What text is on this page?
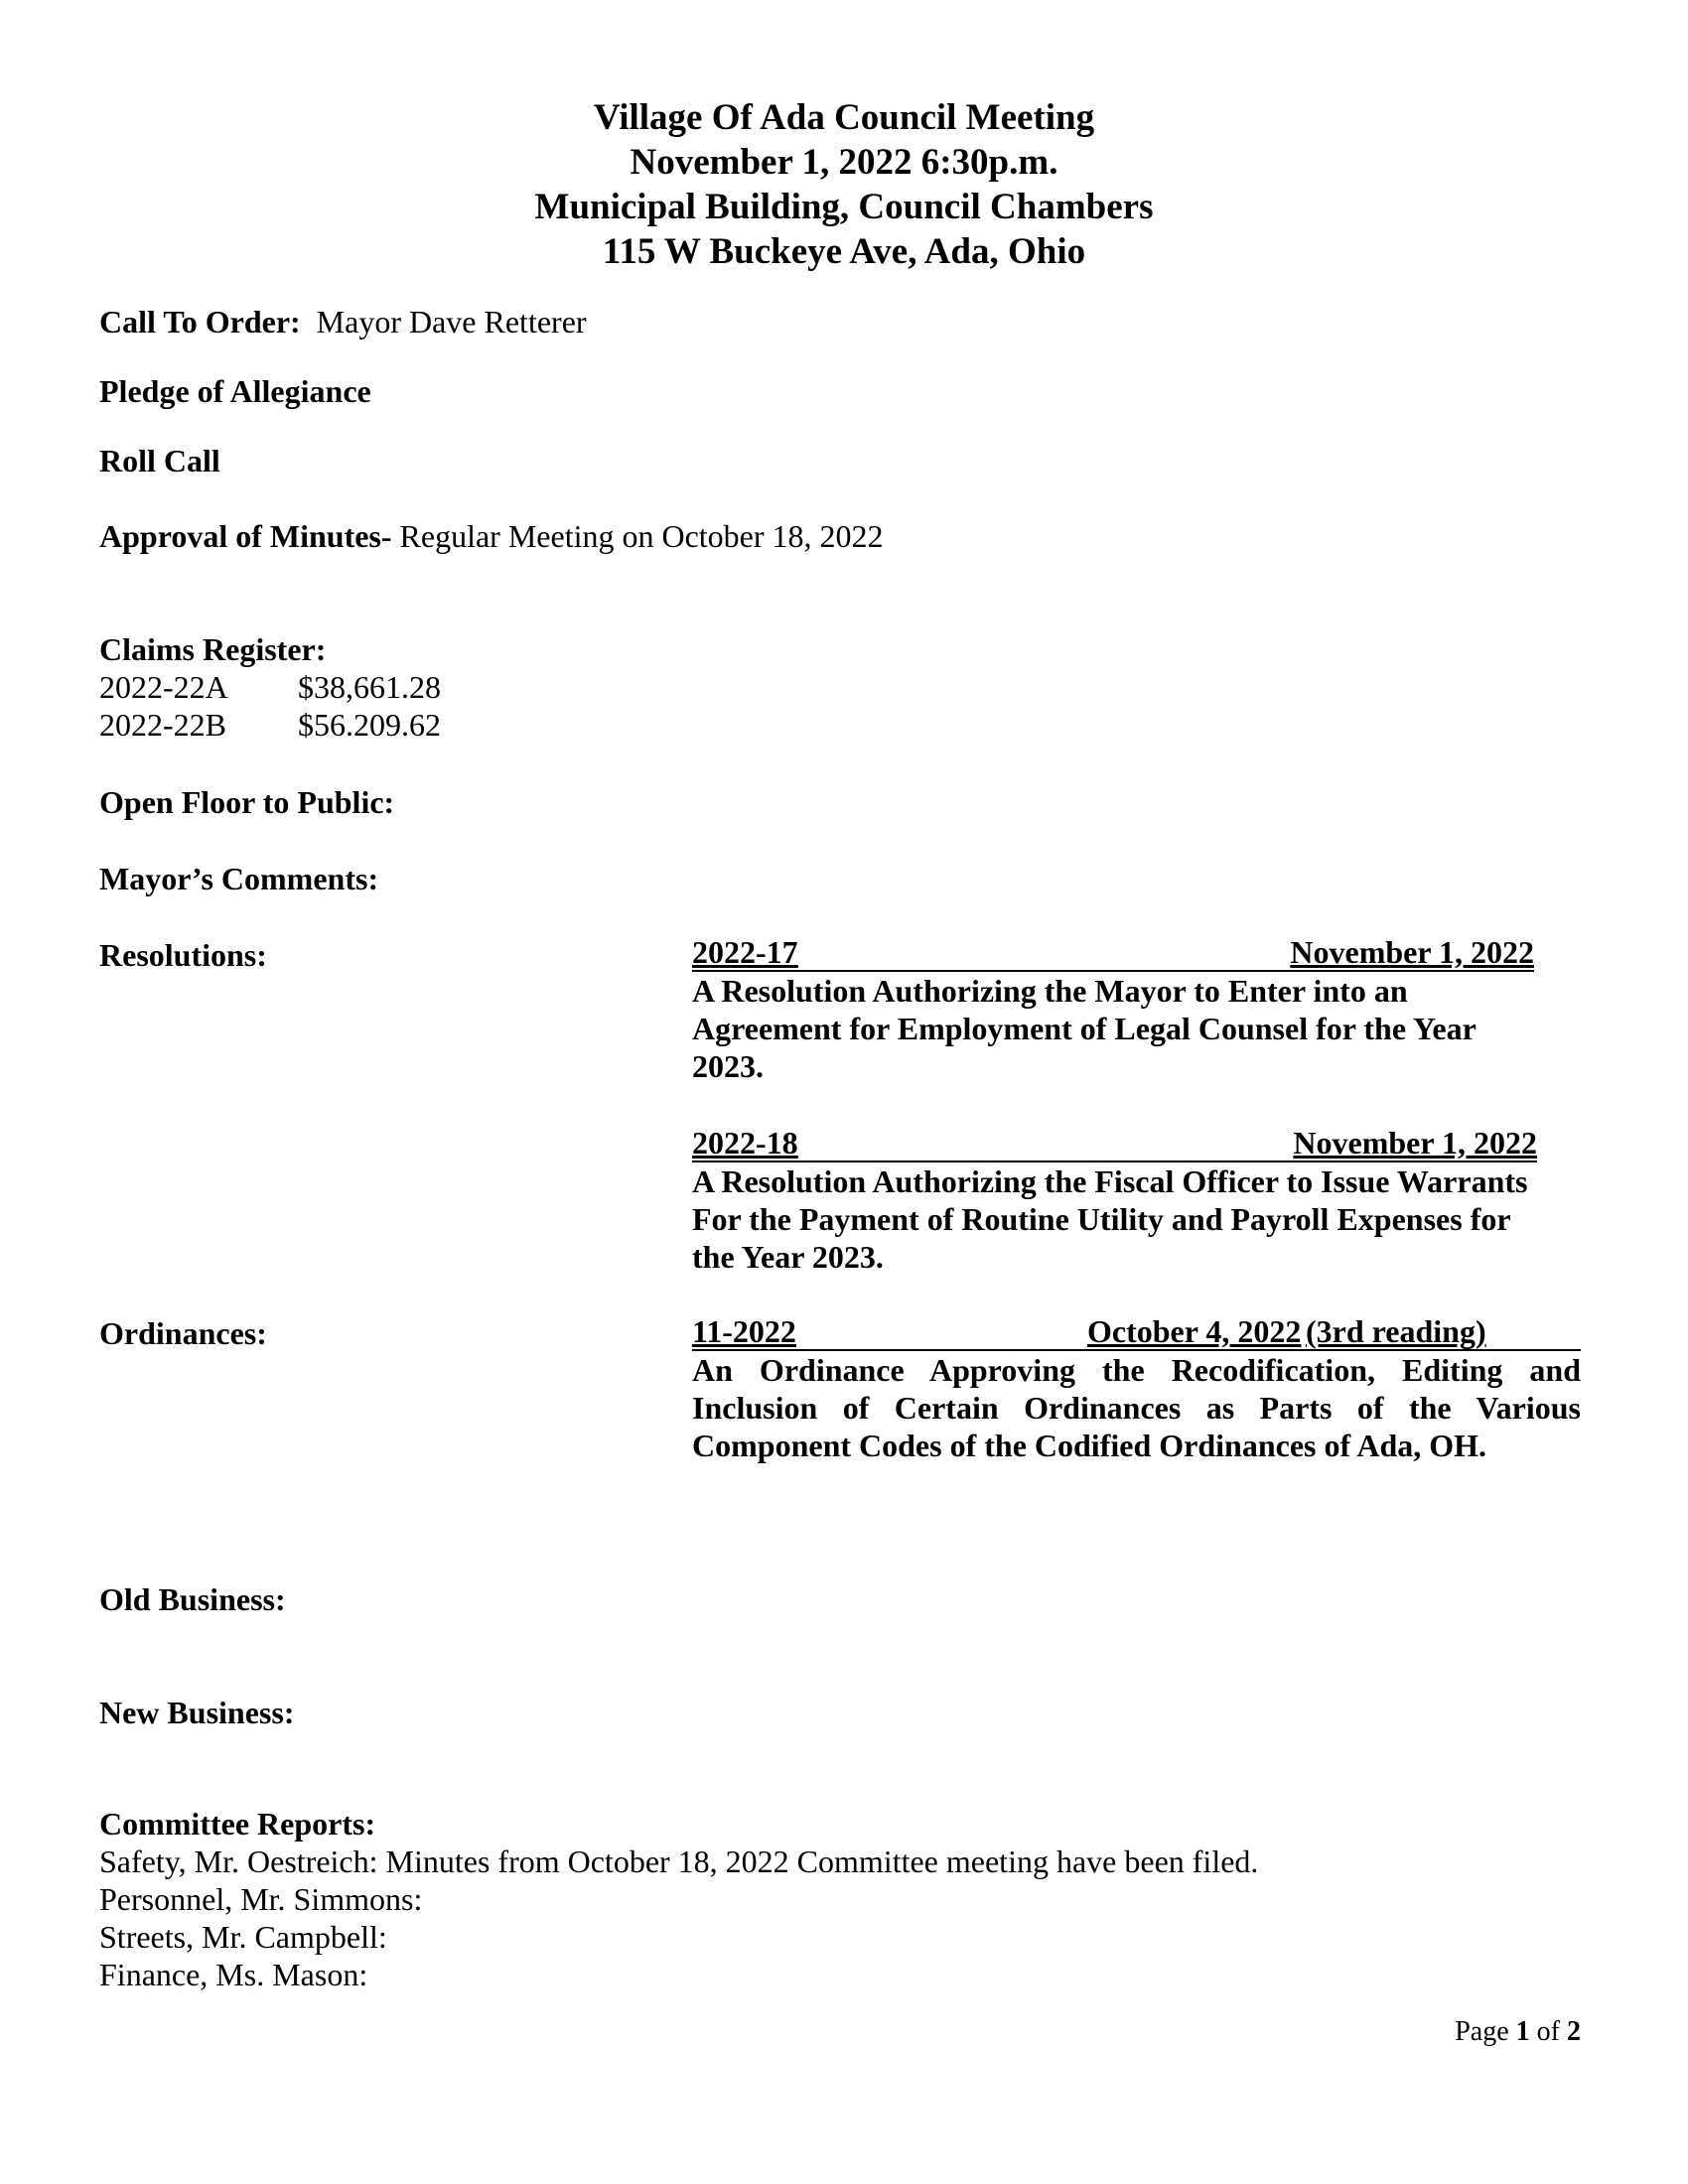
Village Of Ada Council Meeting
November 1, 2022 6:30p.m.
Municipal Building, Council Chambers
115 W Buckeye Ave, Ada, Ohio
Call To Order: Mayor Dave Retterer
Pledge of Allegiance
Roll Call
Approval of Minutes- Regular Meeting on October 18, 2022
Claims Register:
2022-22A	$38,661.28
2022-22B	$56.209.62
Open Floor to Public:
Mayor’s Comments:
Resolutions:	2022-17	November 1, 2022
A Resolution Authorizing the Mayor to Enter into an Agreement for Employment of Legal Counsel for the Year 2023.
2022-18	November 1, 2022
A Resolution Authorizing the Fiscal Officer to Issue Warrants For the Payment of Routine Utility and Payroll Expenses for the Year 2023.
Ordinances:	11-2022	October 4, 2022 (3rd reading)
An Ordinance Approving the Recodification, Editing and Inclusion of Certain Ordinances as Parts of the Various Component Codes of the Codified Ordinances of Ada, OH.
Old Business:
New Business:
Committee Reports:
Safety, Mr. Oestreich: Minutes from October 18, 2022 Committee meeting have been filed.
Personnel, Mr. Simmons:
Streets, Mr. Campbell:
Finance, Ms. Mason:
Page 1 of 2
